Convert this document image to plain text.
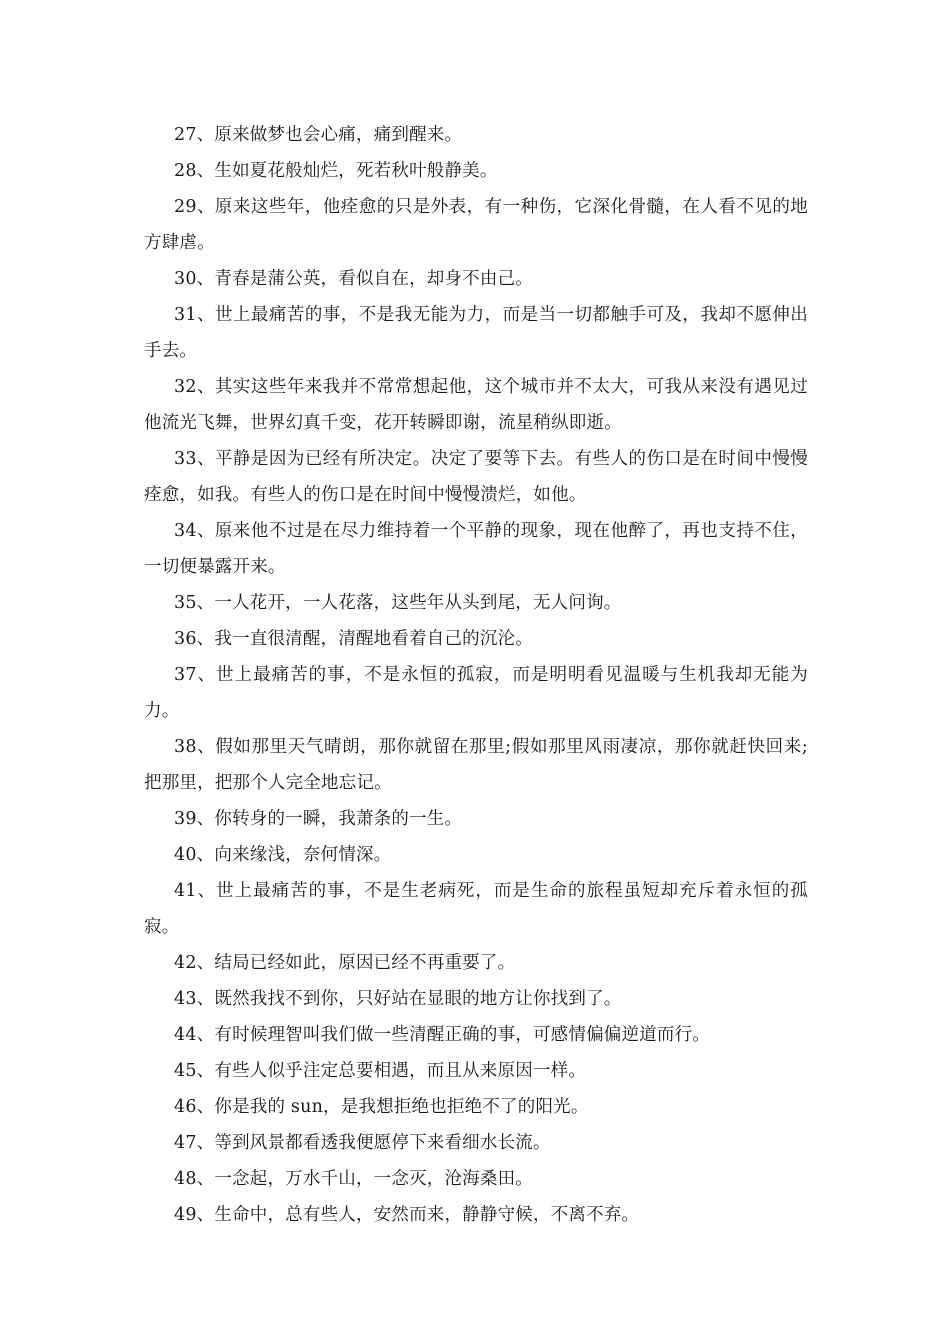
27、原来做梦也会心痛，痛到醒来。

28、生如夏花般灿烂，死若秋叶般静美。

29、原来这些年，他痊愈的只是外表，有一种伤，它深化骨髓，在人看不见的地方肆虐。

30、青春是蒲公英，看似自在，却身不由己。

31、世上最痛苦的事，不是我无能为力，而是当一切都触手可及，我却不愿伸出手去。

32、其实这些年来我并不常常想起他，这个城市并不太大，可我从来没有遇见过他流光飞舞，世界幻真千变，花开转瞬即谢，流星稍纵即逝。

33、平静是因为已经有所决定。决定了要等下去。有些人的伤口是在时间中慢慢痊愈，如我。有些人的伤口是在时间中慢慢溃烂，如他。

34、原来他不过是在尽力维持着一个平静的现象，现在他醉了，再也支持不住，一切便暴露开来。

35、一人花开，一人花落，这些年从头到尾，无人问询。

36、我一直很清醒，清醒地看着自己的沉沦。

37、世上最痛苦的事，不是永恒的孤寂，而是明明看见温暖与生机我却无能为力。

38、假如那里天气晴朗，那你就留在那里;假如那里风雨凄凉，那你就赶快回来;把那里，把那个人完全地忘记。

39、你转身的一瞬，我萧条的一生。

40、向来缘浅，奈何情深。

41、世上最痛苦的事，不是生老病死，而是生命的旅程虽短却充斥着永恒的孤寂。

42、结局已经如此，原因已经不再重要了。

43、既然我找不到你，只好站在显眼的地方让你找到了。

44、有时候理智叫我们做一些清醒正确的事，可感情偏偏逆道而行。

45、有些人似乎注定总要相遇，而且从来原因一样。

46、你是我的 sun，是我想拒绝也拒绝不了的阳光。

47、等到风景都看透我便愿停下来看细水长流。

48、一念起，万水千山，一念灭，沧海桑田。

49、生命中，总有些人，安然而来，静静守候，不离不弃。
